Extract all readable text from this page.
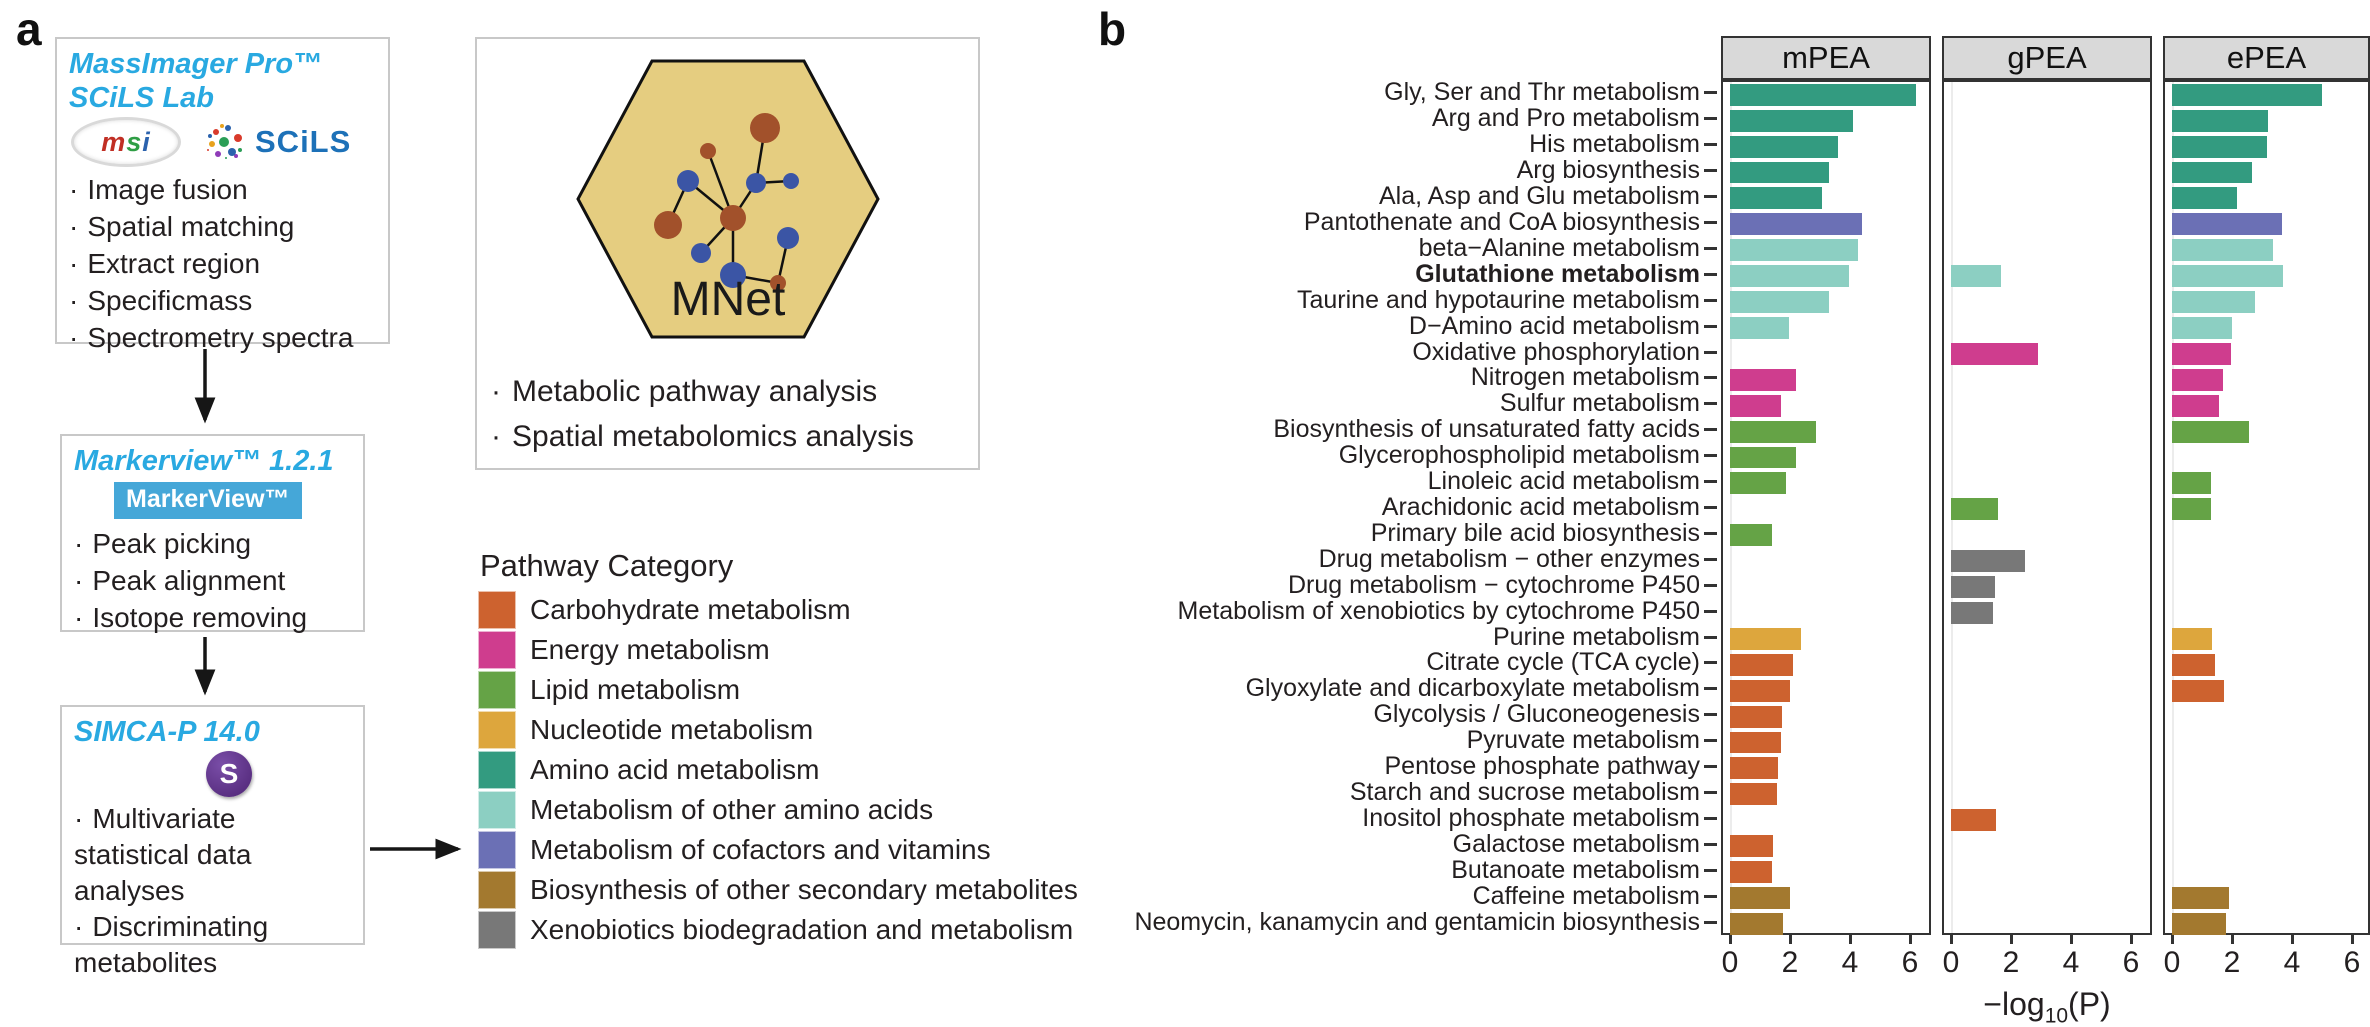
a
MassImager Pro™
SCiLS Lab
m s i	SCiLS
· Image fusion
· Spatial matching
· Extract region
· Specificmass
· Spectrometry spectra
Markerview™ 1.2.1
MarkerView™
· Peak picking
· Peak alignment
· Isotope removing
SIMCA-P 14.0
S
· Multivariate statistical data analyses
· Discriminating metabolites
MNet
· Metabolic pathway analysis
· Spatial metabolomics analysis
Pathway Category
Carbohydrate metabolism
Energy metabolism
Lipid metabolism
Nucleotide metabolism
Amino acid metabolism
Metabolism of other amino acids
Metabolism of cofactors and vitamins
Biosynthesis of other secondary metabolites
Xenobiotics biodegradation and metabolism
b
$-\log_{10}(P)$
Gly, Ser and Thr metabolism
Arg and Pro metabolism
His metabolism
Arg biosynthesis
Ala, Asp and Glu metabolism
Pantothenate and CoA biosynthesis
beta−Alanine metabolism
Glutathione metabolism
Taurine and hypotaurine metabolism
D−Amino acid metabolism
Oxidative phosphorylation
Nitrogen metabolism
Sulfur metabolism
Biosynthesis of unsaturated fatty acids
Glycerophospholipid metabolism
Linoleic acid metabolism
Arachidonic acid metabolism
Primary bile acid biosynthesis
Drug metabolism − other enzymes
Drug metabolism − cytochrome P450
Metabolism of xenobiotics by cytochrome P450
Purine metabolism
Citrate cycle (TCA cycle)
Glyoxylate and dicarboxylate metabolism
Glycolysis / Gluconeogenesis
Pyruvate metabolism
Pentose phosphate pathway
Starch and sucrose metabolism
Inositol phosphate metabolism
Galactose metabolism
Butanoate metabolism
Caffeine metabolism
Neomycin, kanamycin and gentamicin biosynthesis
mPEA
0	2	4	6
gPEA
0	2	4	6
ePEA
0	2	4	6
